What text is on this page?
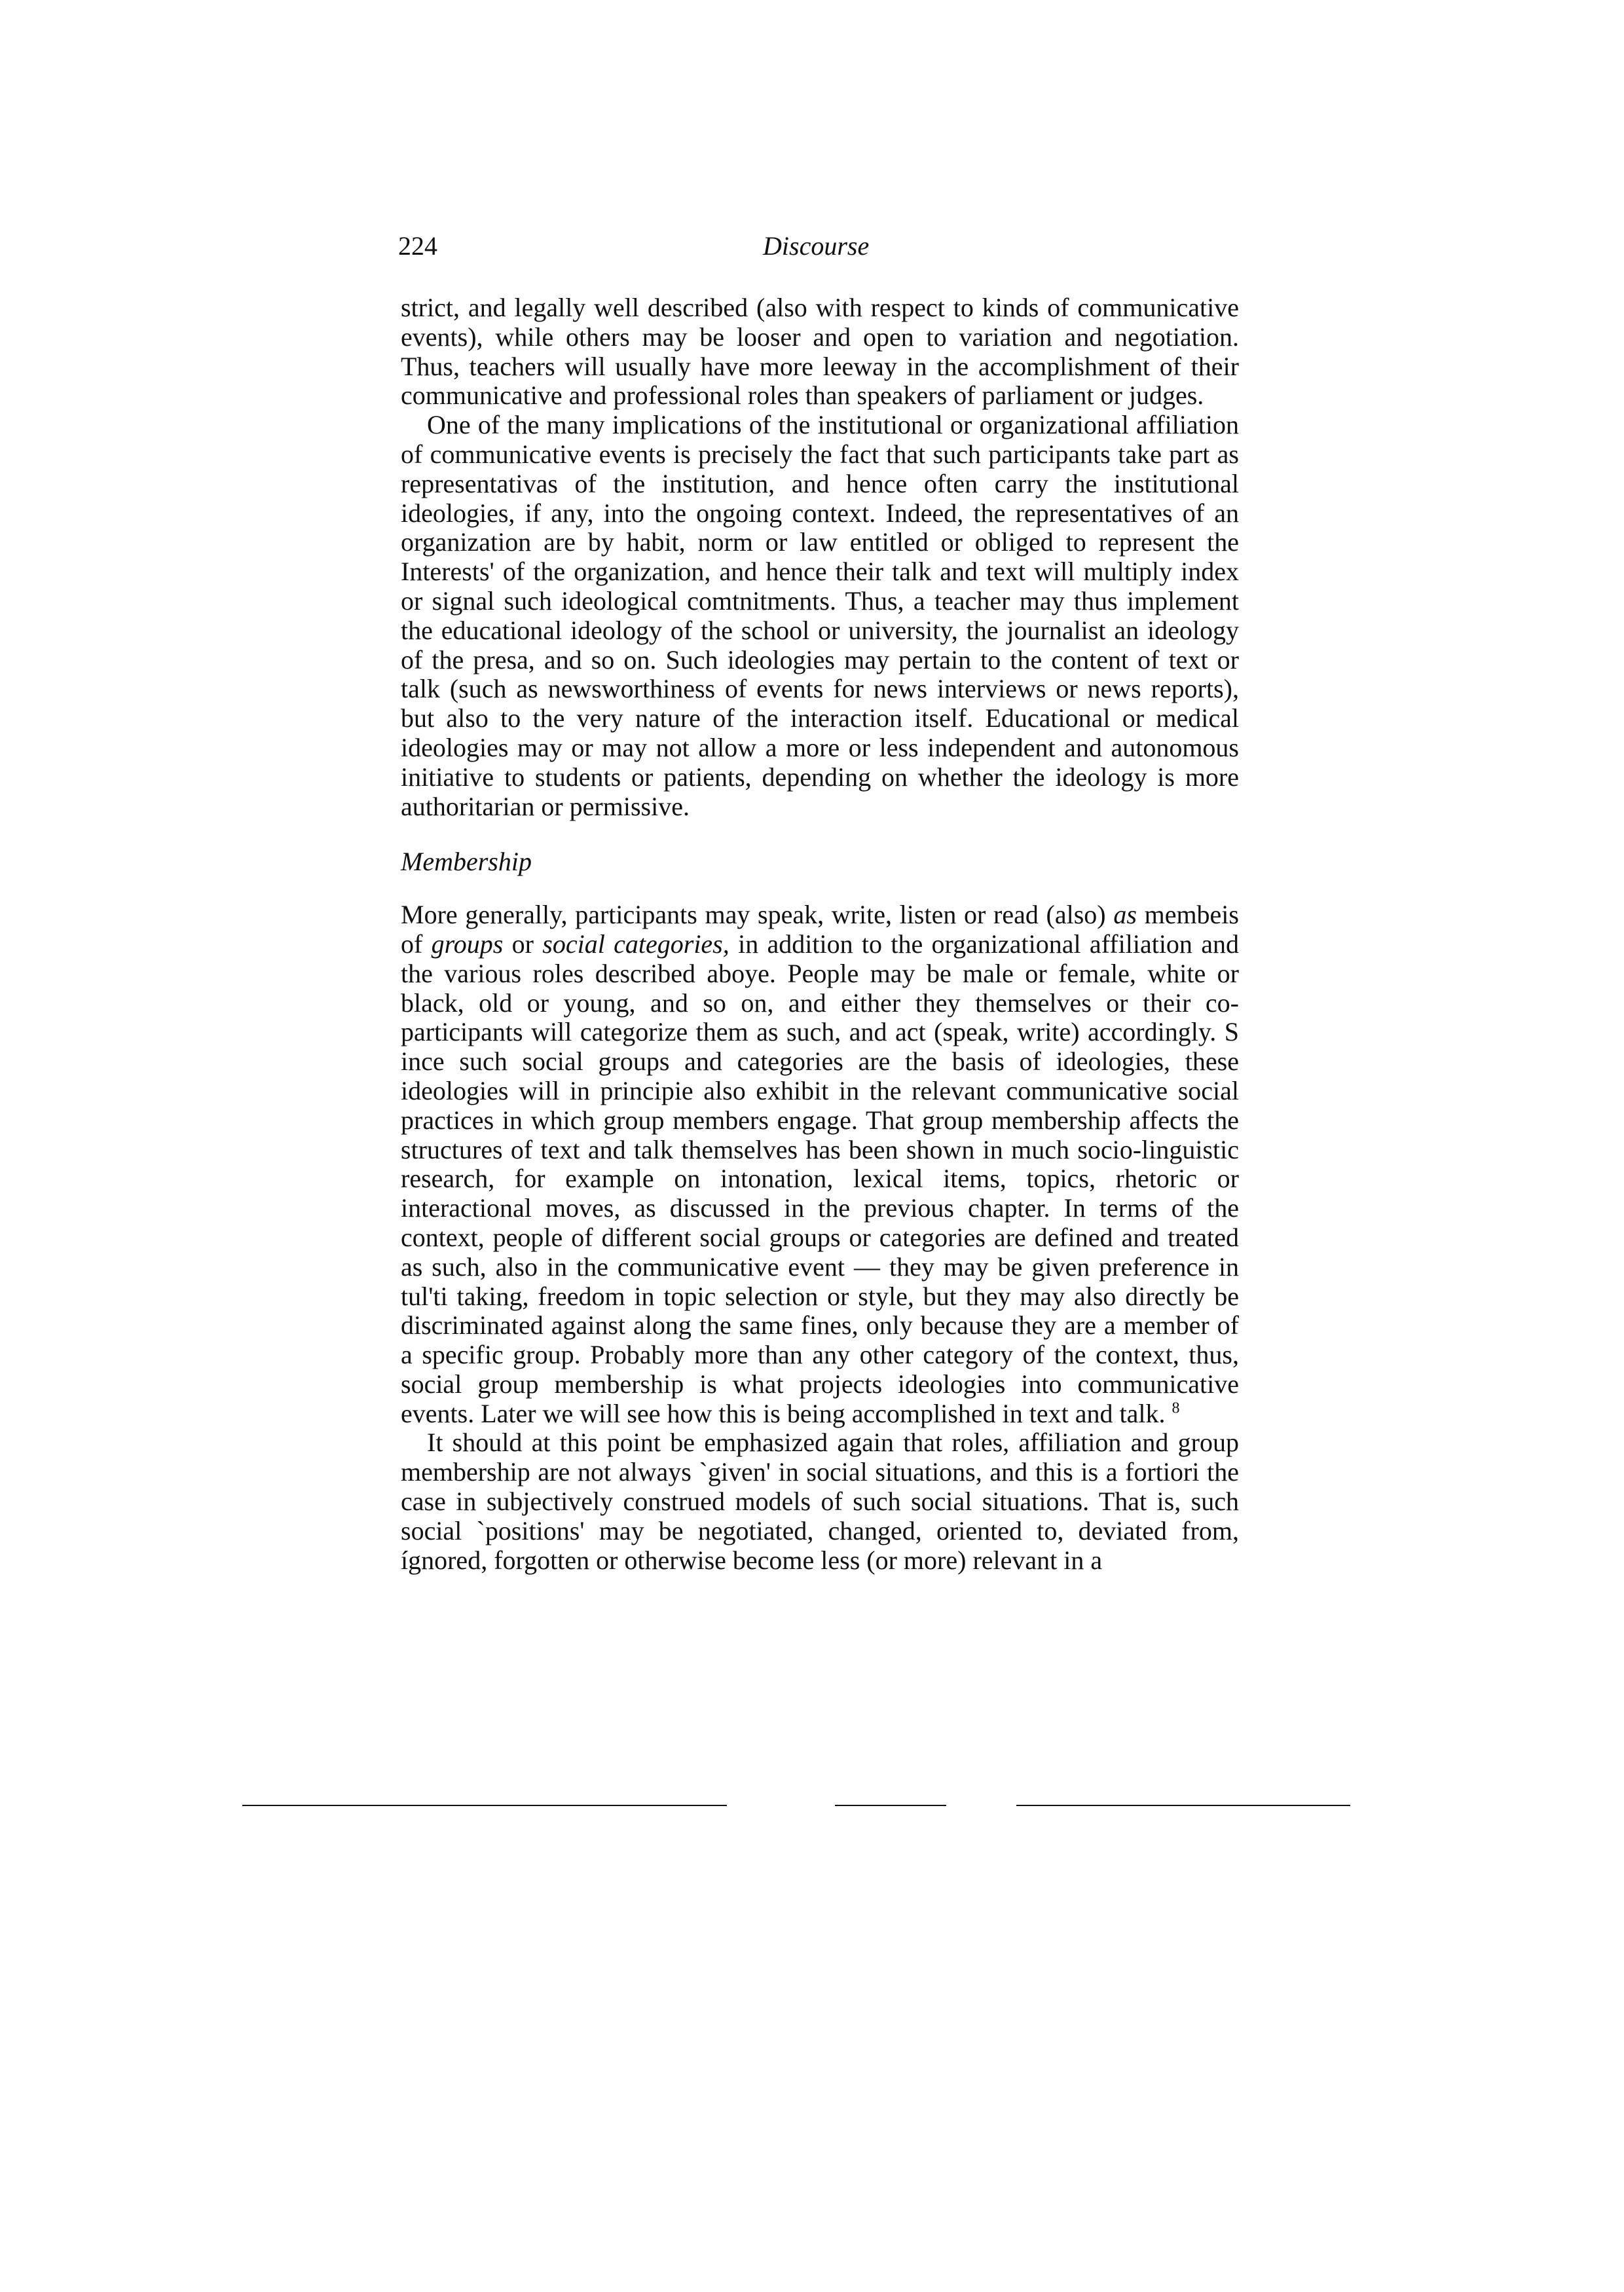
224	Discourse

strict, and legally well described (also with respect to kinds of communicative events), while others may be looser and open to variation and negotiation. Thus, teachers will usually have more leeway in the accomplishment of their communicative and professional roles than speakers of parliament or judges.

One of the many implications of the institutional or organizational affiliation of communicative events is precisely the fact that such participants take part as representativas of the institution, and hence often carry the institutional ideologies, if any, into the ongoing context. Indeed, the representatives of an organization are by habit, norm or law entitled or obliged to represent the Interests' of the organization, and hence their talk and text will multiply index or signal such ideological comtnitments. Thus, a teacher may thus implement the educational ideology of the school or university, the journalist an ideology of the presa, and so on. Such ideologies may pertain to the content of text or talk (such as newsworthiness of events for news interviews or news reports), but also to the very nature of the interaction itself. Educational or medical ideologies may or may not allow a more or less independent and autonomous initiative to students or patients, depending on whether the ideology is more authoritarian or permissive.

Membership

More generally, participants may speak, write, listen or read (also) as membeis of groups or social categories, in addition to the organizational affiliation and the various roles described aboye. People may be male or female, white or black, old or young, and so on, and either they themselves or their co-participants will categorize them as such, and act (speak, write) accordingly. S ince such social groups and categories are the basis of ideologies, these ideologies will in principie also exhibit in the relevant communicative social practices in which group members engage. That group membership affects the structures of text and talk themselves has been shown in much socio-linguistic research, for example on intonation, lexical items, topics, rhetoric or interactional moves, as discussed in the previous chapter. In terms of the context, people of different social groups or categories are defined and treated as such, also in the communicative event — they may be given preference in tul'ti taking, freedom in topic selection or style, but they may also directly be discriminated against along the same fines, only because they are a member of a specific group. Probably more than any other category of the context, thus, social group membership is what projects ideologies into communicative events. Later we will see how this is being accomplished in text and talk. $^8$

It should at this point be emphasized again that roles, affiliation and group membership are not always `given' in social situations, and this is a fortiori the case in subjectively construed models of such social situations. That is, such social `positions' may be negotiated, changed, oriented to, deviated from, ígnored, forgotten or otherwise become less (or more) relevant in a
